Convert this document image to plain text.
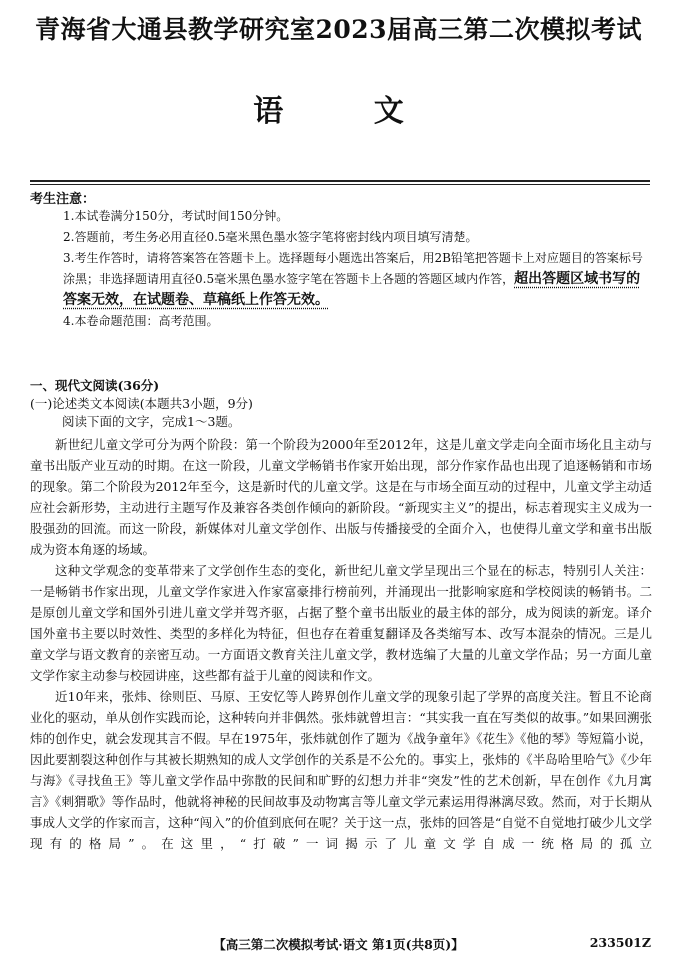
青海省大通县教学研究室2023届高三第二次模拟考试
语 文
考生注意：

1.本试卷满分150分，考试时间150分钟。

2.答题前，考生务必用直径0.5毫米黑色墨水签字笔将密封线内项目填写清楚。

3.考生作答时，请将答案答在答题卡上。选择题每小题选出答案后，用2B铅笔把答题卡上对应题目的答案标号涂黑；非选择题请用直径0.5毫米黑色墨水签字笔在答题卡上各题的答题区域内作答，超出答题区域书写的答案无效，在试题卷、草稿纸上作答无效。

4.本卷命题范围：高考范围。

一、现代文阅读(36分)
(一)论述类文本阅读(本题共3小题，9分)
阅读下面的文字，完成1～3题。

新世纪儿童文学可分为两个阶段：第一个阶段为2000年至2012年，这是儿童文学走向全面市场化且主动与童书出版产业互动的时期。在这一阶段，儿童文学畅销书作家开始出现，部分作家作品也出现了追逐畅销和市场的现象。第二个阶段为2012年至今，这是新时代的儿童文学。这是在与市场全面互动的过程中，儿童文学主动适应社会新形势，主动进行主题写作及兼容各类创作倾向的新阶段。“新现实主义”的提出，标志着现实主义成为一股强劲的回流。而这一阶段，新媒体对儿童文学创作、出版与传播接受的全面介入，也使得儿童文学和童书出版成为资本角逐的场域。

这种文学观念的变革带来了文学创作生态的变化，新世纪儿童文学呈现出三个显在的标志，特别引人关注：一是畅销书作家出现，儿童文学作家进入作家富豪排行榜前列，并涌现出一批影响家庭和学校阅读的畅销书。二是原创儿童文学和国外引进儿童文学并驾齐驱，占据了整个童书出版业的最主体的部分，成为阅读的新宠。译介国外童书主要以时效性、类型的多样化为特征，但也存在着重复翻译及各类缩写本、改写本混杂的情况。三是儿童文学与语文教育的亲密互动。一方面语文教育关注儿童文学，教材选编了大量的儿童文学作品；另一方面儿童文学作家主动参与校园讲座，这些都有益于儿童的阅读和作文。

近10年来，张炜、徐则臣、马原、王安忆等人跨界创作儿童文学的现象引起了学界的高度关注。暂且不论商业化的驱动，单从创作实践而论，这种转向并非偶然。张炜就曾坦言：“其实我一直在写类似的故事。”如果回溯张炜的创作史，就会发现其言不假。早在1975年，张炜就创作了题为《战争童年》《花生》《他的琴》等短篇小说，因此要割裂这种创作与其被长期熟知的成人文学创作的关系是不公允的。事实上，张炜的《半岛哈里哈气》《少年与海》《寻找鱼王》等儿童文学作品中弥散的民间和旷野的幻想力并非“突发”性的艺术创新，早在创作《九月寓言》《刺猬歌》等作品时，他就将神秘的民间故事及动物寓言等儿童文学元素运用得淋漓尽致。然而，对于长期从事成人文学的作家而言，这种“闯入”的价值到底何在呢？关于这一点，张炜的回答是“自觉不自觉地打破少儿文学现有的格局”。在这里，“打破”一词揭示了儿童文学自成一统格局的孤立

【高三第二次模拟考试·语文 第1页(共8页)】	233501Z
